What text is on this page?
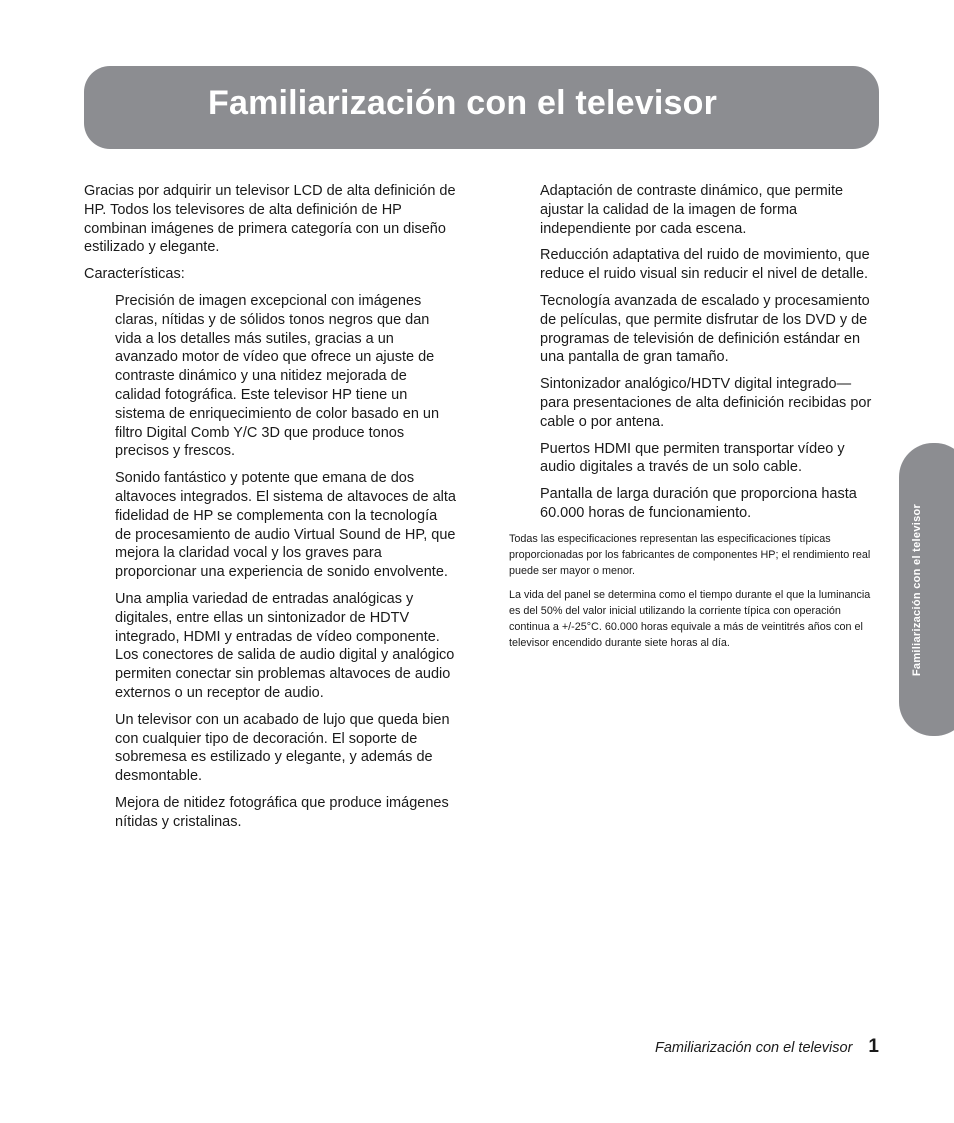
Familiarización con el televisor

Gracias por adquirir un televisor LCD de alta definición de HP. Todos los televisores de alta definición de HP combinan imágenes de primera categoría con un diseño estilizado y elegante.

Características:

Precisión de imagen excepcional con imágenes claras, nítidas y de sólidos tonos negros que dan vida a los detalles más sutiles, gracias a un avanzado motor de vídeo que ofrece un ajuste de contraste dinámico y una nitidez mejorada de calidad fotográfica. Este televisor HP tiene un sistema de enriquecimiento de color basado en un filtro Digital Comb Y/C 3D que produce tonos precisos y frescos.

Sonido fantástico y potente que emana de dos altavoces integrados. El sistema de altavoces de alta fidelidad de HP se complementa con la tecnología de procesamiento de audio Virtual Sound de HP, que mejora la claridad vocal y los graves para proporcionar una experiencia de sonido envolvente.

Una amplia variedad de entradas analógicas y digitales, entre ellas un sintonizador de HDTV integrado, HDMI y entradas de vídeo componente. Los conectores de salida de audio digital y analógico permiten conectar sin problemas altavoces de audio externos o un receptor de audio.

Un televisor con un acabado de lujo que queda bien con cualquier tipo de decoración. El soporte de sobremesa es estilizado y elegante, y además de desmontable.

Mejora de nitidez fotográfica que produce imágenes nítidas y cristalinas.

Adaptación de contraste dinámico, que permite ajustar la calidad de la imagen de forma independiente por cada escena.

Reducción adaptativa del ruido de movimiento, que reduce el ruido visual sin reducir el nivel de detalle.

Tecnología avanzada de escalado y procesamiento de películas, que permite disfrutar de los DVD y de programas de televisión de definición estándar en una pantalla de gran tamaño.

Sintonizador analógico/HDTV digital integrado— para presentaciones de alta definición recibidas por cable o por antena.

Puertos HDMI que permiten transportar vídeo y audio digitales a través de un solo cable.

Pantalla de larga duración que proporciona hasta 60.000 horas de funcionamiento.

Todas las especificaciones representan las especificaciones típicas proporcionadas por los fabricantes de componentes HP; el rendimiento real puede ser mayor o menor.

La vida del panel se determina como el tiempo durante el que la luminancia es del 50% del valor inicial utilizando la corriente típica con operación continua a +/-25°C. 60.000 horas equivale a más de veintitrés años con el televisor encendido durante siete horas al día.	Familiarización con el televisor
Familiarización con el televisor 1
